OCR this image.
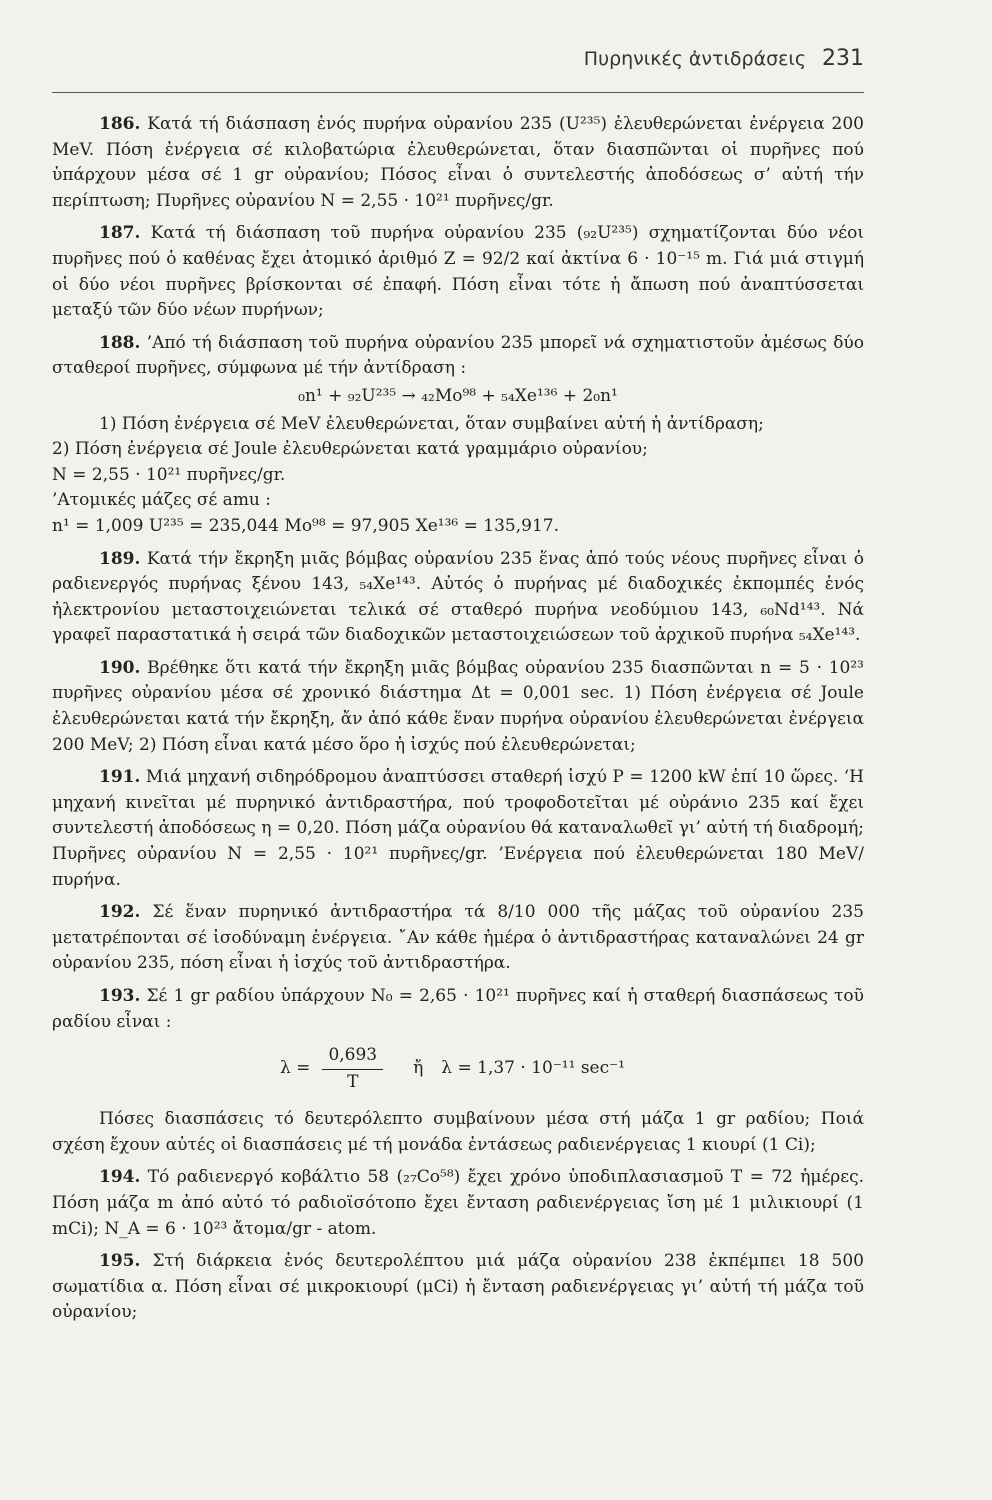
Πυρηνικές ἀντιδράσεις 231

186. Κατά τή διάσπαση ἑνός πυρήνα οὐρανίου 235 (U²³⁵) ἐλευθερώνεται ἐνέργεια 200 MeV. Πόση ἐνέργεια σέ κιλοβατώρια ἐλευθερώνεται, ὅταν διασπῶνται οἱ πυρῆνες πού ὑπάρχουν μέσα σέ 1 gr οὐρανίου; Πόσος εἶναι ὁ συντελεστής ἀποδόσεως σ’ αὐτή τήν περίπτωση; Πυρῆνες οὐρανίου N = 2,55 · 10²¹ πυρῆνες/gr.

187. Κατά τή διάσπαση τοῦ πυρήνα οὐρανίου 235 (₉₂U²³⁵) σχηματίζονται δύο νέοι πυρῆνες πού ὁ καθένας ἔχει ἀτομικό ἀριθμό Z = 92/2 καί ἀκτίνα 6 · 10⁻¹⁵ m. Γιά μιά στιγμή οἱ δύο νέοι πυρῆνες βρίσκονται σέ ἐπαφή. Πόση εἶναι τότε ἡ ἄπωση πού ἀναπτύσσεται μεταξύ τῶν δύο νέων πυρήνων;

188. ’Από τή διάσπαση τοῦ πυρήνα οὐρανίου 235 μπορεῖ νά σχηματιστοῦν ἀμέσως δύο σταθεροί πυρῆνες, σύμφωνα μέ τήν ἀντίδραση :
₀n¹ + ₉₂U²³⁵ → ₄₂Mo⁹⁸ + ₅₄Xe¹³⁶ + 2₀n¹
1) Πόση ἐνέργεια σέ MeV ἐλευθερώνεται, ὅταν συμβαίνει αὐτή ἡ ἀντίδραση;
2) Πόση ἐνέργεια σέ Joule ἐλευθερώνεται κατά γραμμάριο οὐρανίου;
N = 2,55 · 10²¹ πυρῆνες/gr.
’Ατομικές μάζες σέ amu :
n¹ = 1,009 U²³⁵ = 235,044 Mo⁹⁸ = 97,905 Xe¹³⁶ = 135,917.

189. Κατά τήν ἔκρηξη μιᾶς βόμβας οὐρανίου 235 ἕνας ἀπό τούς νέους πυρῆνες εἶναι ὁ ραδιενεργός πυρήνας ξένου 143, ₅₄Xe¹⁴³. Αὐτός ὁ πυρήνας μέ διαδοχικές ἐκπομπές ἑνός ἠλεκτρονίου μεταστοιχειώνεται τελικά σέ σταθερό πυρήνα νεοδύμιου 143, ₆₀Nd¹⁴³. Νά γραφεῖ παραστατικά ἡ σειρά τῶν διαδοχικῶν μεταστοιχειώσεων τοῦ ἀρχικοῦ πυρήνα ₅₄Xe¹⁴³.

190. Βρέθηκε ὅτι κατά τήν ἔκρηξη μιᾶς βόμβας οὐρανίου 235 διασπῶνται n = 5 · 10²³ πυρῆνες οὐρανίου μέσα σέ χρονικό διάστημα Δt = 0,001 sec. 1) Πόση ἐνέργεια σέ Joule ἐλευθερώνεται κατά τήν ἔκρηξη, ἄν ἀπό κάθε ἕναν πυρήνα οὐρανίου ἐλευθερώνεται ἐνέργεια 200 MeV; 2) Πόση εἶναι κατά μέσο ὅρο ἡ ἰσχύς πού ἐλευθερώνεται;

191. Μιά μηχανή σιδηρόδρομου ἀναπτύσσει σταθερή ἰσχύ P = 1200 kW ἐπί 10 ὥρες. ‘Η μηχανή κινεῖται μέ πυρηνικό ἀντιδραστήρα, πού τροφοδοτεῖται μέ οὐράνιο 235 καί ἔχει συντελεστή ἀποδόσεως η = 0,20. Πόση μάζα οὐρανίου θά καταναλωθεῖ γι’ αὐτή τή διαδρομή; Πυρῆνες οὐρανίου N = 2,55 · 10²¹ πυρῆνες/gr. ’Ενέργεια πού ἐλευθερώνεται 180 MeV/πυρήνα.

192. Σέ ἕναν πυρηνικό ἀντιδραστήρα τά 8/10 000 τῆς μάζας τοῦ οὐρανίου 235 μετατρέπονται σέ ἰσοδύναμη ἐνέργεια. ῎Αν κάθε ἡμέρα ὁ ἀντιδραστήρας καταναλώνει 24 gr οὐρανίου 235, πόση εἶναι ἡ ἰσχύς τοῦ ἀντιδραστήρα.

193. Σέ 1 gr ραδίου ὑπάρχουν N₀ = 2,65 · 10²¹ πυρῆνες καί ἡ σταθερή διασπάσεως τοῦ ραδίου εἶναι :
$\lambda = \frac{0,693}{T}$ ἤ λ = 1,37 · 10⁻¹¹ sec⁻¹
Πόσες διασπάσεις τό δευτερόλεπτο συμβαίνουν μέσα στή μάζα 1 gr ραδίου; Ποιά σχέση ἔχουν αὐτές οἱ διασπάσεις μέ τή μονάδα ἐντάσεως ραδιενέργειας 1 κιουρί (1 Ci);

194. Τό ραδιενεργό κοβάλτιο 58 (₂₇Co⁵⁸) ἔχει χρόνο ὑποδιπλασιασμοῦ T = 72 ἡμέρες. Πόση μάζα m ἀπό αὐτό τό ραδιοϊσότοπο ἔχει ἔνταση ραδιενέργειας ἴση μέ 1 μιλικιουρί (1 mCi); N_A = 6 · 10²³ ἄτομα/gr - atom.

195. Στή διάρκεια ἑνός δευτερολέπτου μιά μάζα οὐρανίου 238 ἐκπέμπει 18 500 σωματίδια α. Πόση εἶναι σέ μικροκιουρί (μCi) ἡ ἔνταση ραδιενέργειας γι’ αὐτή τή μάζα τοῦ οὐρανίου;
